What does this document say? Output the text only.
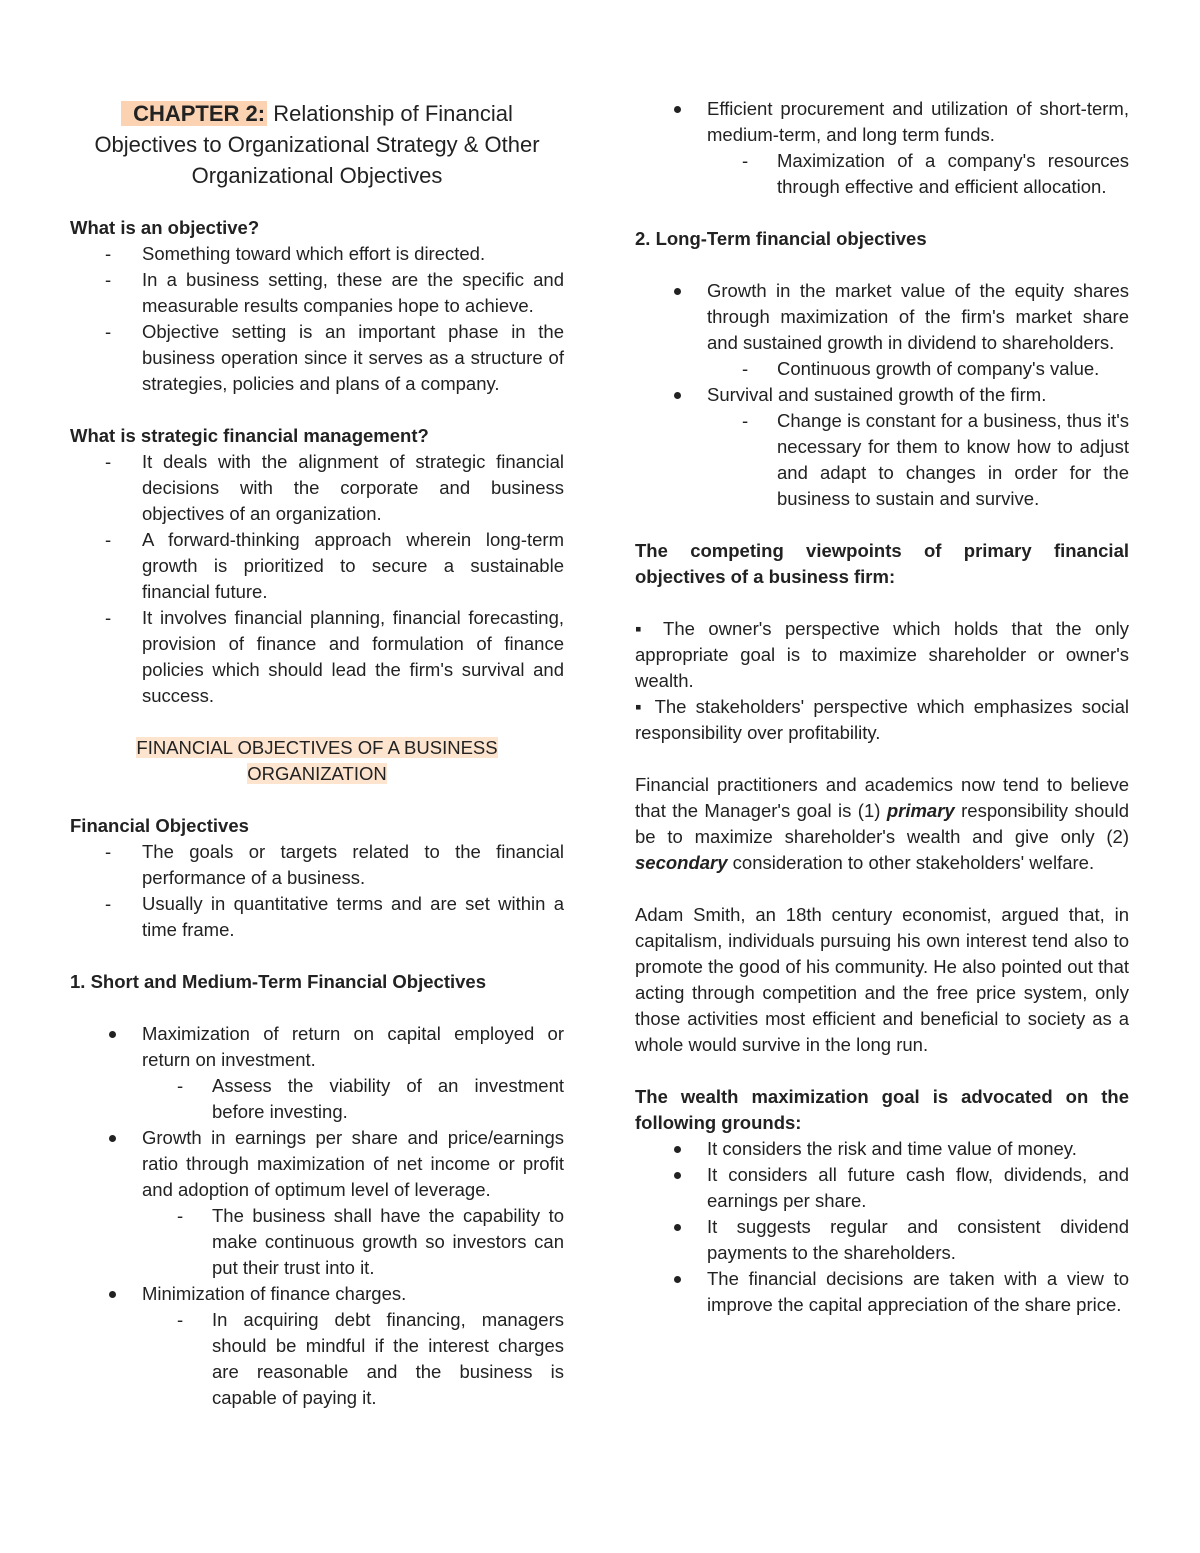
CHAPTER 2: Relationship of Financial Objectives to Organizational Strategy & Other Organizational Objectives

What is an objective?

- Something toward which effort is directed.
- In a business setting, these are the specific and measurable results companies hope to achieve.
- Objective setting is an important phase in the business operation since it serves as a structure of strategies, policies and plans of a company.

What is strategic financial management?

- It deals with the alignment of strategic financial decisions with the corporate and business objectives of an organization.
- A forward-thinking approach wherein long-term growth is prioritized to secure a sustainable financial future.
- It involves financial planning, financial forecasting, provision of finance and formulation of finance policies which should lead the firm's survival and success.

FINANCIAL OBJECTIVES OF A BUSINESS
ORGANIZATION

Financial Objectives

- The goals or targets related to the financial performance of a business.
- Usually in quantitative terms and are set within a time frame.

1. Short and Medium-Term Financial Objectives

Maximization of return on capital employed or return on investment.
- Assess the viability of an investment before investing.
Growth in earnings per share and price/earnings ratio through maximization of net income or profit and adoption of optimum level of leverage.
- The business shall have the capability to make continuous growth so investors can put their trust into it.
Minimization of finance charges.
- In acquiring debt financing, managers should be mindful if the interest charges are reasonable and the business is capable of paying it.
Efficient procurement and utilization of short-term, medium-term, and long term funds.
- Maximization of a company's resources through effective and efficient allocation.

2. Long-Term financial objectives

Growth in the market value of the equity shares through maximization of the firm's market share and sustained growth in dividend to shareholders.
- Continuous growth of company's value.
Survival and sustained growth of the firm.
- Change is constant for a business, thus it's necessary for them to know how to adjust and adapt to changes in order for the business to sustain and survive.

The competing viewpoints of primary financial objectives of a business firm:

▪ The owner's perspective which holds that the only appropriate goal is to maximize shareholder or owner's wealth.

▪ The stakeholders' perspective which emphasizes social responsibility over profitability.

Financial practitioners and academics now tend to believe that the Manager's goal is (1) primary responsibility should be to maximize shareholder's wealth and give only (2) secondary consideration to other stakeholders' welfare.

Adam Smith, an 18th century economist, argued that, in capitalism, individuals pursuing his own interest tend also to promote the good of his community. He also pointed out that acting through competition and the free price system, only those activities most efficient and beneficial to society as a whole would survive in the long run.

The wealth maximization goal is advocated on the following grounds:

It considers the risk and time value of money.
It considers all future cash flow, dividends, and earnings per share.
It suggests regular and consistent dividend payments to the shareholders.
The financial decisions are taken with a view to improve the capital appreciation of the share price.
